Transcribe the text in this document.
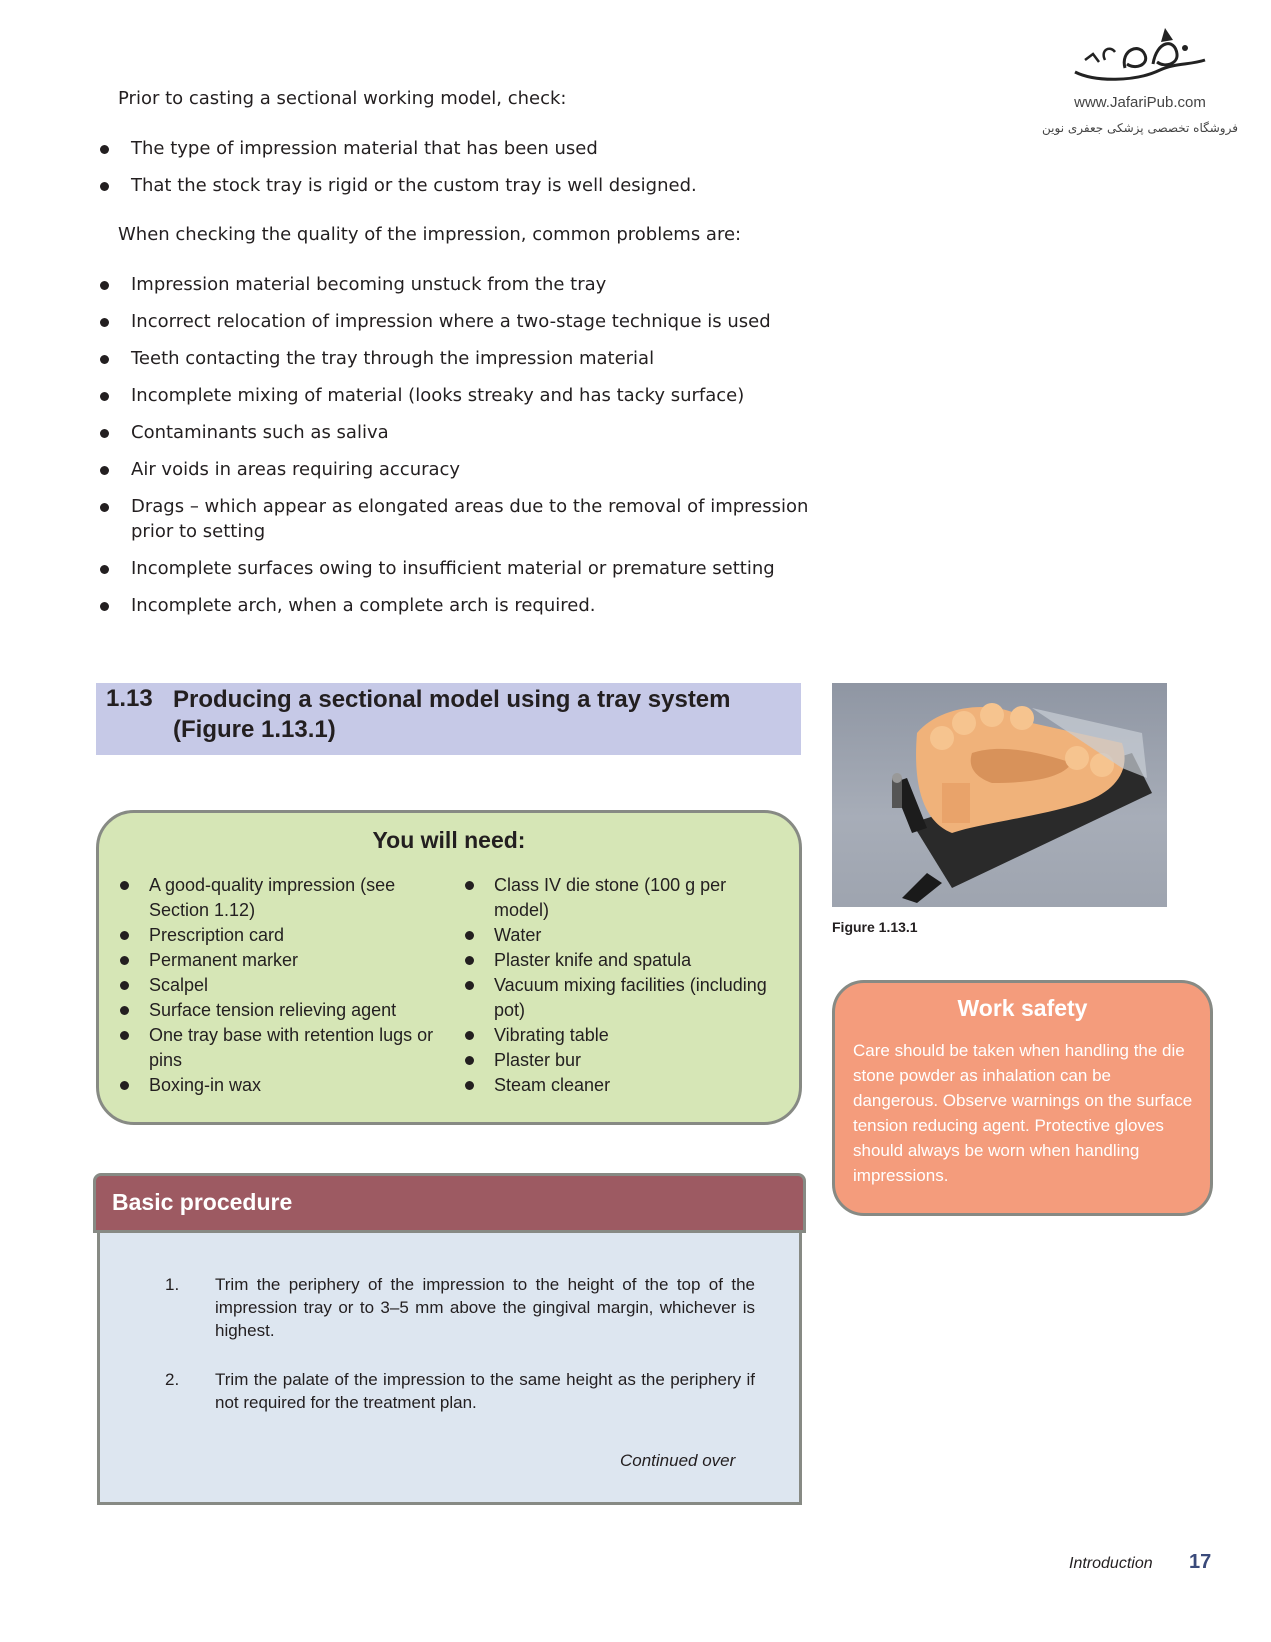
www.JafariPub.com
فروشگاه تخصصی پزشکی جعفری نوین
Prior to casting a sectional working model, check:
The type of impression material that has been used
That the stock tray is rigid or the custom tray is well designed.
When checking the quality of the impression, common problems are:
Impression material becoming unstuck from the tray
Incorrect relocation of impression where a two-stage technique is used
Teeth contacting the tray through the impression material
Incomplete mixing of material (looks streaky and has tacky surface)
Contaminants such as saliva
Air voids in areas requiring accuracy
Drags – which appear as elongated areas due to the removal of impression prior to setting
Incomplete surfaces owing to insufficient material or premature setting
Incomplete arch, when a complete arch is required.
1.13 Producing a sectional model using a tray system (Figure 1.13.1)
You will need:
A good-quality impression (see Section 1.12)
Prescription card
Permanent marker
Scalpel
Surface tension relieving agent
One tray base with retention lugs or pins
Boxing-in wax
Class IV die stone (100 g per model)
Water
Plaster knife and spatula
Vacuum mixing facilities (including pot)
Vibrating table
Plaster bur
Steam cleaner
Figure 1.13.1
Work safety
Care should be taken when handling the die stone powder as inhalation can be dangerous. Observe warnings on the surface tension reducing agent. Protective gloves should always be worn when handling impressions.
Basic procedure
1.	Trim the periphery of the impression to the height of the top of the impression tray or to 3–5 mm above the gingival margin, whichever is highest.
2.	Trim the palate of the impression to the same height as the periphery if not required for the treatment plan.
Continued over
Introduction 17
